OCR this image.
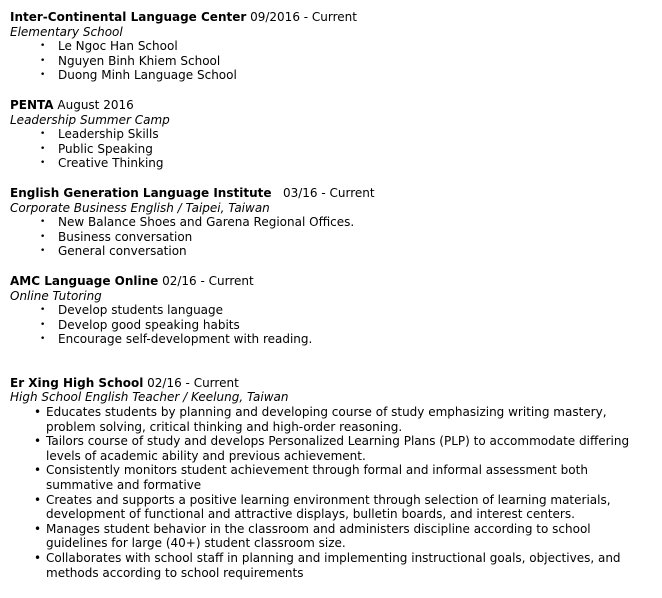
Inter-Continental Language Center 09/2016 - Current
Elementary School
• Le Ngoc Han School
• Nguyen Binh Khiem School
• Duong Minh Language School
PENTA August 2016
Leadership Summer Camp
• Leadership Skills
• Public Speaking
• Creative Thinking
English Generation Language Institute   03/16 - Current
Corporate Business English / Taipei, Taiwan
• New Balance Shoes and Garena Regional Offices.
• Business conversation
• General conversation
AMC Language Online 02/16 - Current
Online Tutoring
• Develop students language
• Develop good speaking habits
• Encourage self-development with reading.
Er Xing High School 02/16 - Current
High School English Teacher / Keelung, Taiwan
• Educates students by planning and developing course of study emphasizing writing mastery, problem solving, critical thinking and high-order reasoning.
• Tailors course of study and develops Personalized Learning Plans (PLP) to accommodate differing levels of academic ability and previous achievement.
• Consistently monitors student achievement through formal and informal assessment both summative and formative
• Creates and supports a positive learning environment through selection of learning materials, development of functional and attractive displays, bulletin boards, and interest centers.
• Manages student behavior in the classroom and administers discipline according to school guidelines for large (40+) student classroom size.
• Collaborates with school staff in planning and implementing instructional goals, objectives, and methods according to school requirements
